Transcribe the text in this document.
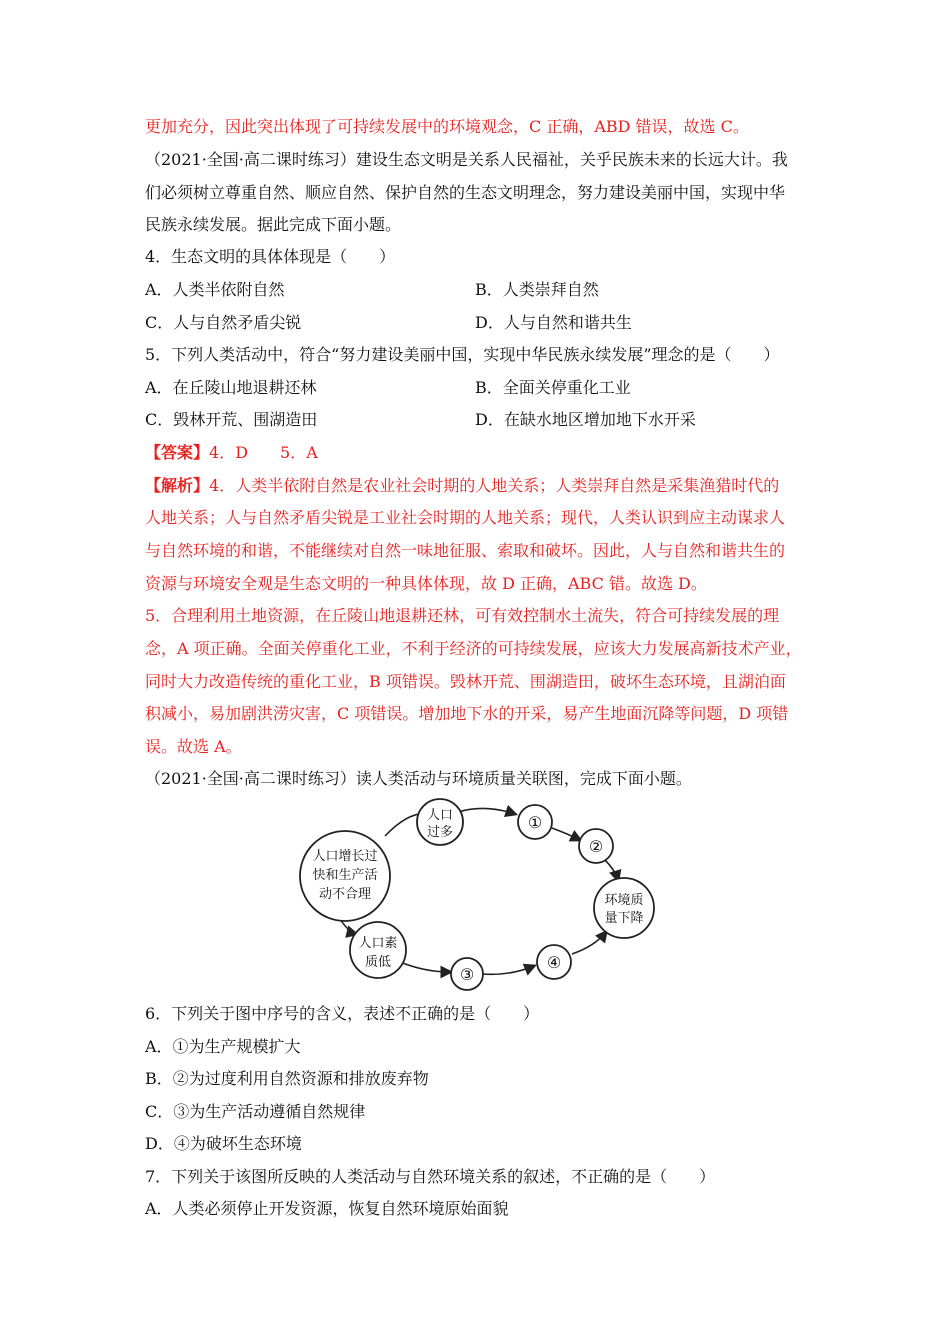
更加充分，因此突出体现了可持续发展中的环境观念，C 正确，ABD 错误，故选 C。
（2021·全国·高二课时练习）建设生态文明是关系人民福祉，关乎民族未来的长远大计。我
们必须树立尊重自然、顺应自然、保护自然的生态文明理念，努力建设美丽中国，实现中华
民族永续发展。据此完成下面小题。
4．生态文明的具体体现是（　　）
A．人类半依附自然	B．人类崇拜自然
C．人与自然矛盾尖锐	D．人与自然和谐共生
5．下列人类活动中，符合“努力建设美丽中国，实现中华民族永续发展”理念的是（　　）
A．在丘陵山地退耕还林	B．全面关停重化工业
C．毁林开荒、围湖造田	D．在缺水地区增加地下水开采
【答案】4．D　　5．A
【解析】4．人类半依附自然是农业社会时期的人地关系；人类崇拜自然是采集渔猎时代的
人地关系；人与自然矛盾尖锐是工业社会时期的人地关系；现代，人类认识到应主动谋求人
与自然环境的和谐，不能继续对自然一味地征服、索取和破坏。因此，人与自然和谐共生的
资源与环境安全观是生态文明的一种具体体现，故 D 正确，ABC 错。故选 D。
5．合理利用土地资源，在丘陵山地退耕还林，可有效控制水土流失，符合可持续发展的理
念，A 项正确。全面关停重化工业，不利于经济的可持续发展，应该大力发展高新技术产业，
同时大力改造传统的重化工业，B 项错误。毁林开荒、围湖造田，破坏生态环境，且湖泊面
积减小，易加剧洪涝灾害，C 项错误。增加地下水的开采，易产生地面沉降等问题，D 项错
误。故选 A。
（2021·全国·高二课时练习）读人类活动与环境质量关联图，完成下面小题。
人口增长过
快和生产活
动不合理
人口
过多
①
②
环境质
量下降
人口素
质低
③
④
6．下列关于图中序号的含义，表述不正确的是（　　）
A．①为生产规模扩大
B．②为过度利用自然资源和排放废弃物
C．③为生产活动遵循自然规律
D．④为破坏生态环境
7．下列关于该图所反映的人类活动与自然环境关系的叙述，不正确的是（　　）
A．人类必须停止开发资源，恢复自然环境原始面貌
